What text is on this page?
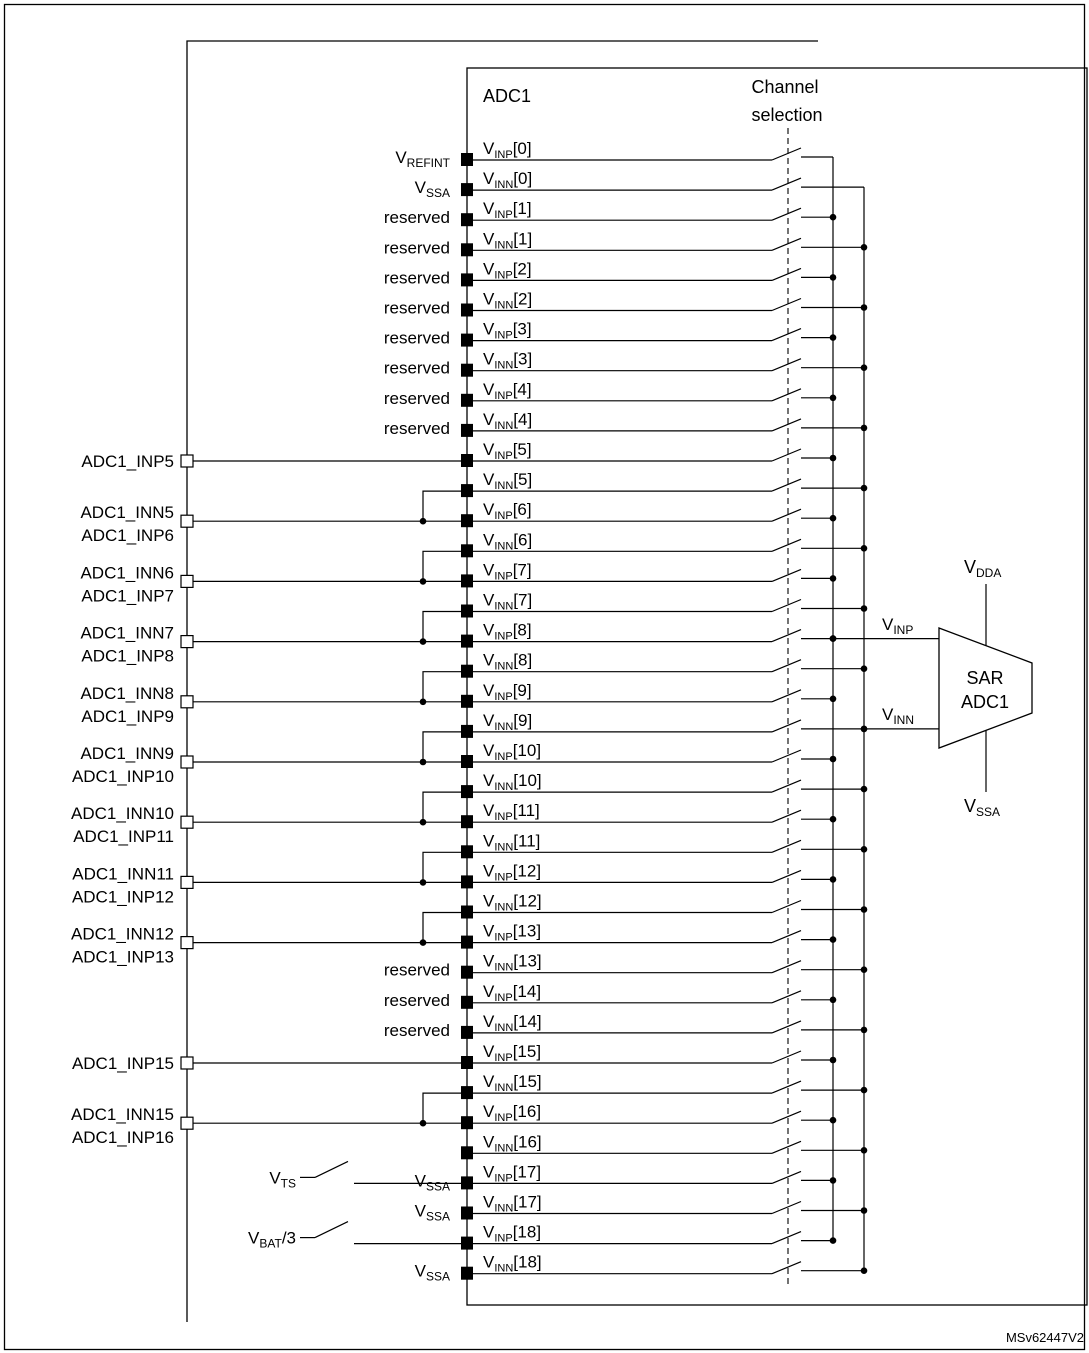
ADC1	Channel
selection
$V_{INP}[0]$
$V_{REFINT}$
$V_{INN}[0]$
$V_{SSA}$
$V_{INP}[1]$
reserved
$V_{INN}[1]$
reserved
$V_{INP}[2]$
reserved
$V_{INN}[2]$
reserved
$V_{INP}[3]$
reserved
$V_{INN}[3]$
reserved
$V_{INP}[4]$
reserved
$V_{INN}[4]$
reserved
$V_{INP}[5]$
$V_{INN}[5]$
$V_{INP}[6]$
$V_{INN}[6]$
$V_{INP}[7]$
$V_{INN}[7]$
$V_{INP}[8]$
$V_{INN}[8]$
$V_{INP}[9]$
$V_{INN}[9]$
$V_{INP}[10]$
$V_{INN}[10]$
$V_{INP}[11]$
$V_{INN}[11]$
$V_{INP}[12]$
$V_{INN}[12]$
$V_{INP}[13]$
$V_{INN}[13]$
reserved
$V_{INP}[14]$
reserved
$V_{INN}[14]$
reserved
$V_{INP}[15]$
$V_{INN}[15]$
$V_{INP}[16]$
$V_{INN}[16]$
$V_{INP}[17]$
$V_{SSA}$
$V_{INN}[17]$
$V_{SSA}$
$V_{INP}[18]$
$V_{INN}[18]$
$V_{SSA}$
ADC1_INP5
ADC1_INN5
ADC1_INP6
ADC1_INN6
ADC1_INP7
ADC1_INN7
ADC1_INP8
ADC1_INN8
ADC1_INP9
ADC1_INN9
ADC1_INP10
ADC1_INN10
ADC1_INP11
ADC1_INN11
ADC1_INP12
ADC1_INN12
ADC1_INP13
ADC1_INP15
ADC1_INN15
ADC1_INP16
$V_{TS}$
$V_{BAT}/3$
SAR
ADC1
$V_{DDA}$
$V_{SSA}$
$V_{INP}$
$V_{INN}$
MSv62447V2
